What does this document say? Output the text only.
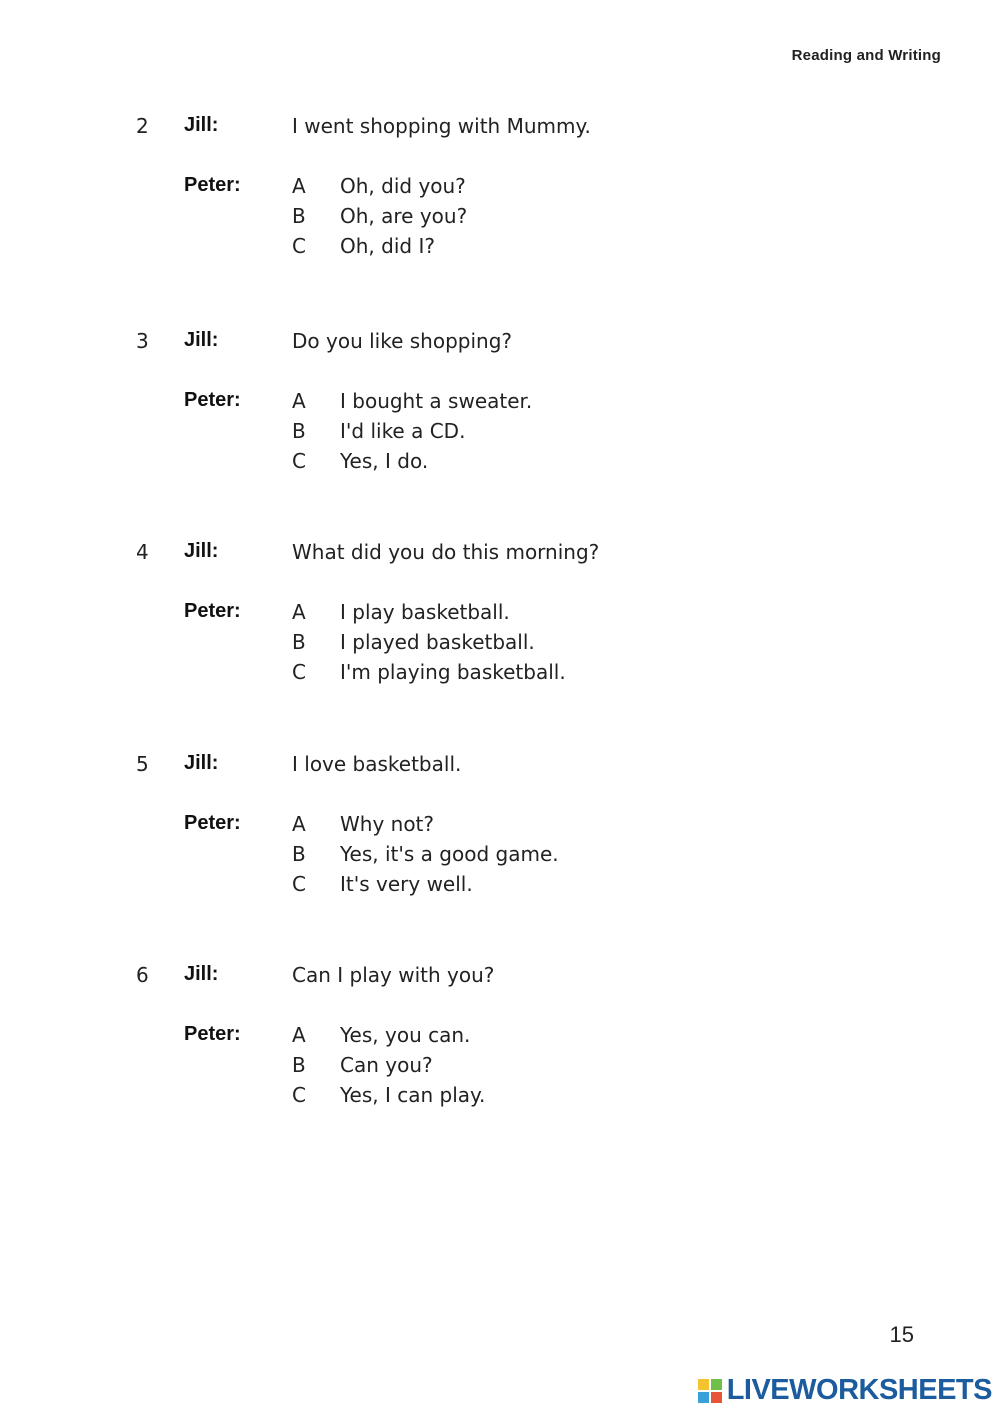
Reading and Writing
2 Jill:	I went shopping with Mummy.
Peter:	A Oh, did you?
B Oh, are you?
C Oh, did I?
3 Jill:	Do you like shopping?
Peter:	A I bought a sweater.
B I'd like a CD.
C Yes, I do.
4 Jill:	What did you do this morning?
Peter:	A I play basketball.
B I played basketball.
C I'm playing basketball.
5 Jill:	I love basketball.
Peter:	A Why not?
B Yes, it's a good game.
C It's very well.
6 Jill:	Can I play with you?
Peter:	A Yes, you can.
B Can you?
C Yes, I can play.
15
LIVEWORKSHEETS
